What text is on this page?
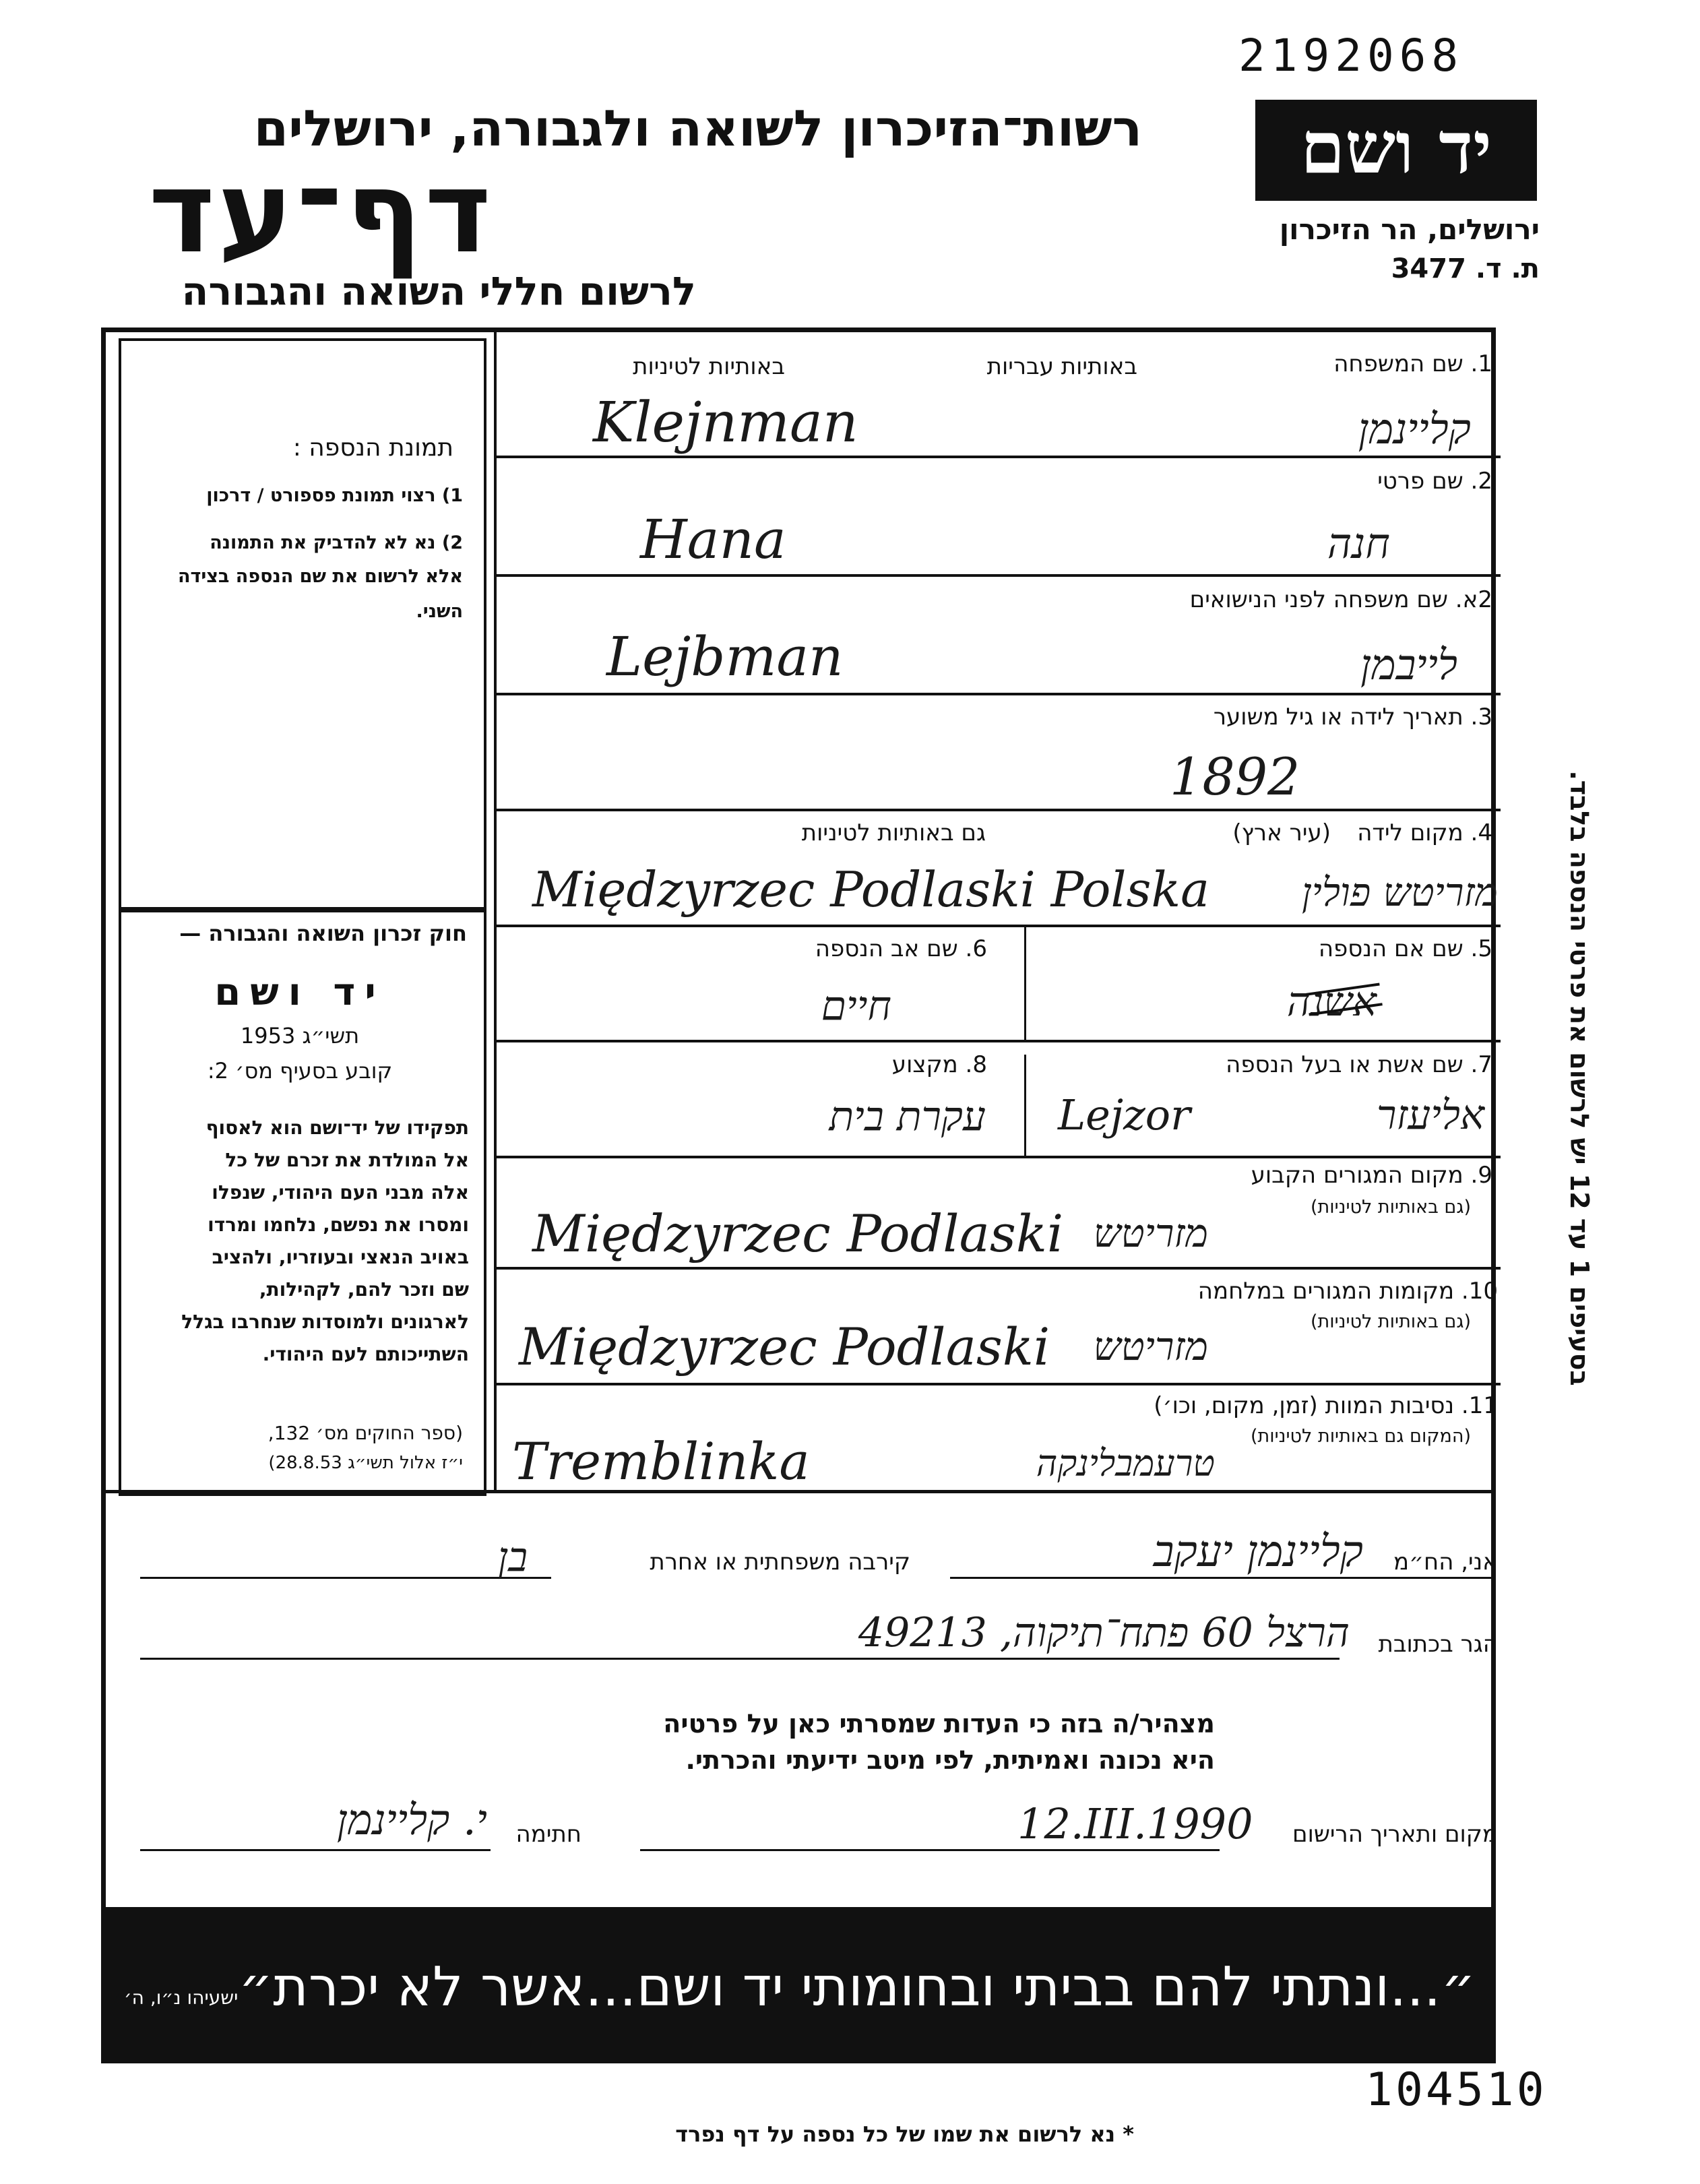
2192068
רשות־הזיכרון לשואה ולגבורה, ירושלים
דף־עד
לרשום חללי השואה והגבורה
יד ושם
ירושלים, הר הזיכרון
ת. ד. 3477
תמונת הנספה :
1) רצוי תמונת פספורט / דרכון
2) נא לא להדביק את התמונה
אלא לרשום את שם הנספה בצידה
השני.
חוק זכרון השואה והגבורה —
יד ושם
תשי״ג 1953
קובע בסעיף מס׳ 2:
תפקידו של יד־ושם הוא לאסוף
אל המולדת את זכרם של כל
אלה מבני העם היהודי, שנפלו
ומסרו את נפשם, נלחמו ומרדו
באויב הנאצי ובעוזריו, ולהציב
שם וזכר להם, לקהילות,
לארגונים ולמוסדות שנחרבו בגלל
השתייכותם לעם היהודי.
(ספר החוקים מס׳ 132,
י״ז אלול תשי״ג 28.8.53)
1. שם המשפחה
באותיות עבריות
באותיות לטיניות
Klejnman	קליינמן
2. שם פרטי
Hana	חנה
2א. שם משפחה לפני הנישואים
Lejbman	לייבמן
3. תאריך לידה או גיל משוער
1892
4. מקום לידה
(עיר ארץ)
גם באותיות לטיניות
Międzyrzec Podlaski Polska מזריטש פולין
5. שם אם הנספה
אשנה
6. שם אב הנספה
חיים
7. שם אשת או בעל הנספה
Lejzor	אליעזר
8. מקצוע
עקרת בית
9. מקום המגורים הקבוע
(גם באותיות לטיניות)
Międzyrzec Podlaski מזריטש
10. מקומות המגורים במלחמה
(גם באותיות לטיניות)
Międzyrzec Podlaski מזריטש
11. נסיבות המוות (זמן, מקום, וכו׳)
(המקום גם באותיות לטיניות)
Tremblinka	טרעמבלינקה
בסעיפים 1 עד 12 יש לרשום את פרטי הנספה בלבד.
אני, הח״מ
קליינמן יעקב
קירבה משפחתית או אחרת
בן
הגר בכתובת
הרצל 60 פתח־תיקוה, 49213
מצהיר/ה בזה כי העדות שמסרתי כאן על פרטיה
היא נכונה ואמיתית, לפי מיטב ידיעתי והכרתי.
מקום ותאריך הרישום
12.III.1990
חתימה
י. קליינמן
״...ונתתי להם בביתי ובחומותי יד ושם...אשר לא יכרת״
ישעיהו נ״ו, ה׳
104510
* נא לרשום את שמו של כל נספה על דף נפרד
